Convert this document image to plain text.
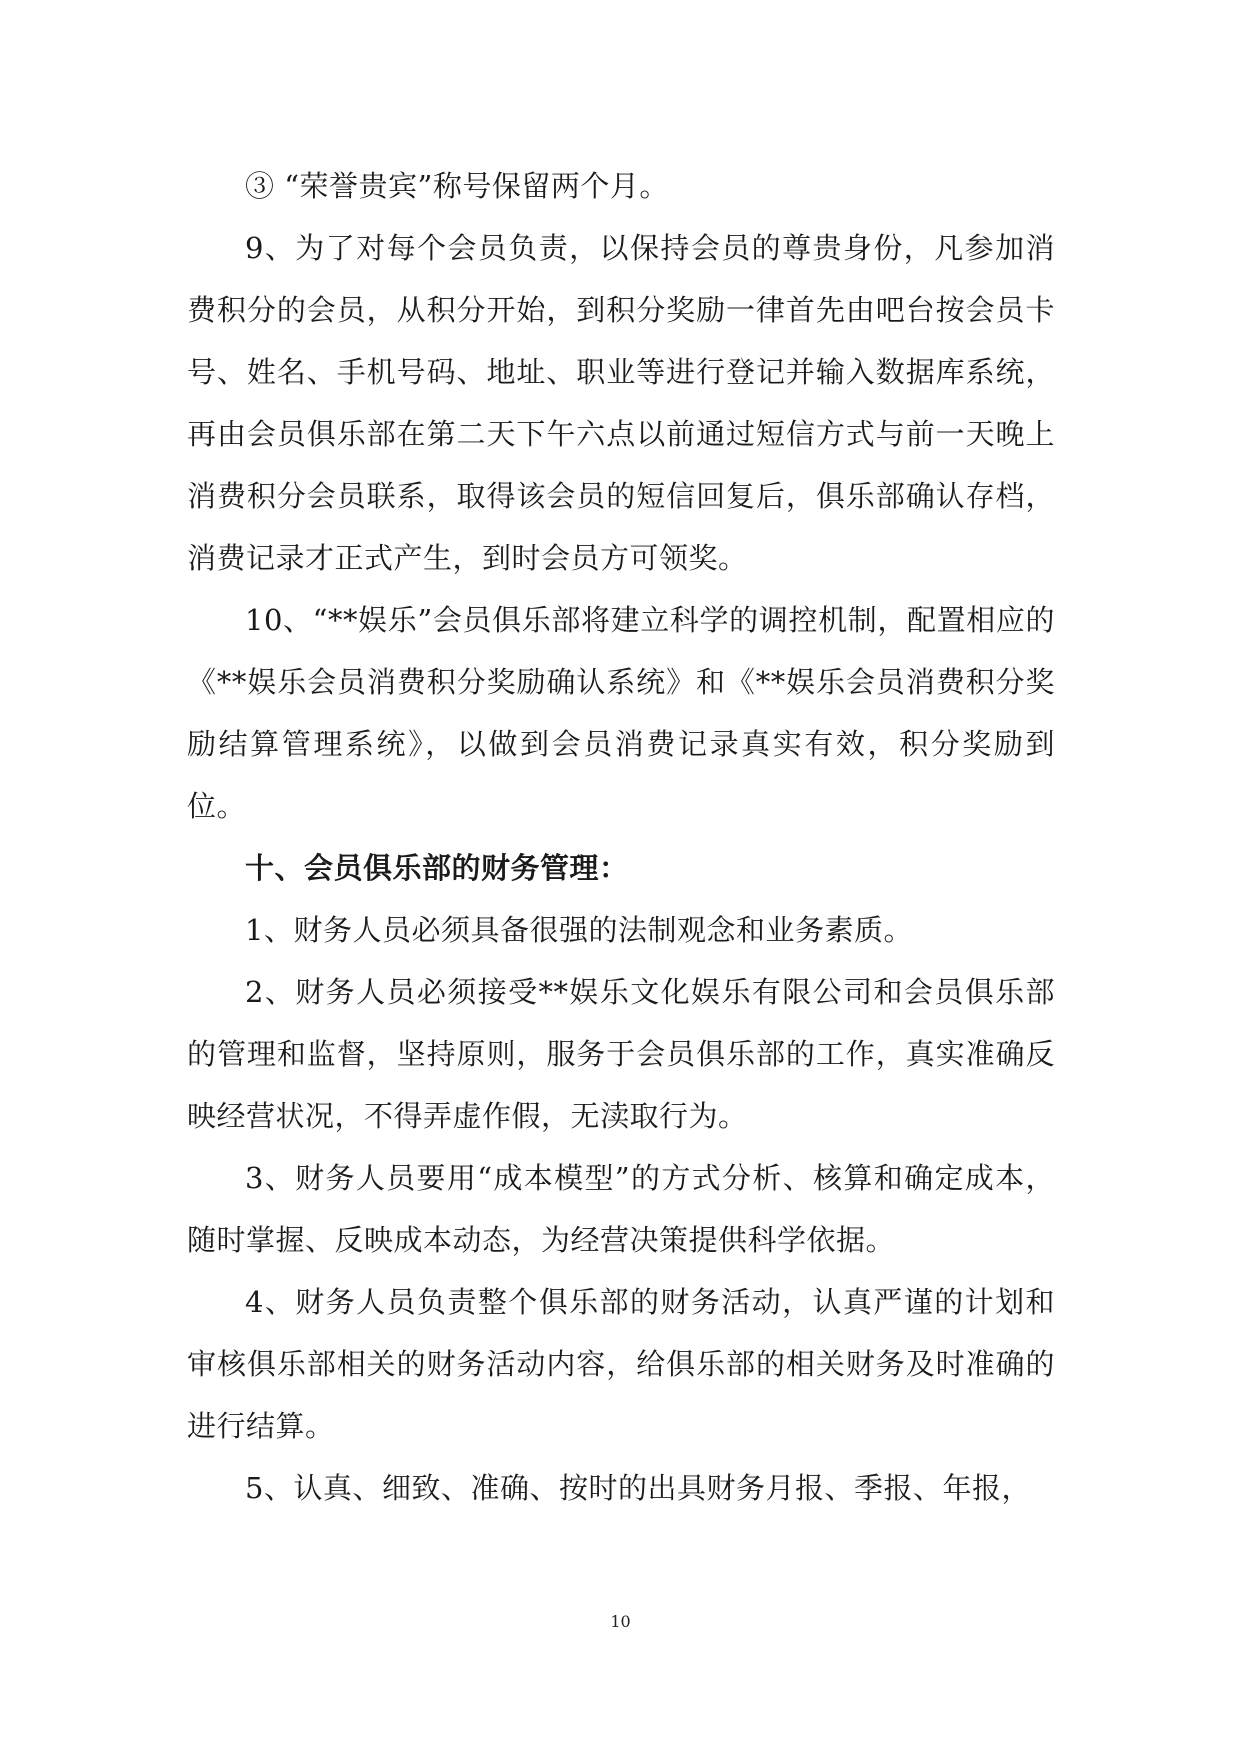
③ “荣誉贵宾”称号保留两个月。

9、为了对每个会员负责，以保持会员的尊贵身份，凡参加消费积分的会员，从积分开始，到积分奖励一律首先由吧台按会员卡号、姓名、手机号码、地址、职业等进行登记并输入数据库系统，再由会员俱乐部在第二天下午六点以前通过短信方式与前一天晚上消费积分会员联系，取得该会员的短信回复后，俱乐部确认存档，消费记录才正式产生，到时会员方可领奖。

10、“**娱乐”会员俱乐部将建立科学的调控机制，配置相应的《**娱乐会员消费积分奖励确认系统》和《**娱乐会员消费积分奖励结算管理系统》，以做到会员消费记录真实有效，积分奖励到位。

十、会员俱乐部的财务管理：

1、财务人员必须具备很强的法制观念和业务素质。

2、财务人员必须接受**娱乐文化娱乐有限公司和会员俱乐部的管理和监督，坚持原则，服务于会员俱乐部的工作，真实准确反映经营状况，不得弄虚作假，无渎取行为。

3、财务人员要用“成本模型”的方式分析、核算和确定成本，随时掌握、反映成本动态，为经营决策提供科学依据。

4、财务人员负责整个俱乐部的财务活动，认真严谨的计划和审核俱乐部相关的财务活动内容，给俱乐部的相关财务及时准确的进行结算。

5、认真、细致、准确、按时的出具财务月报、季报、年报，

10
